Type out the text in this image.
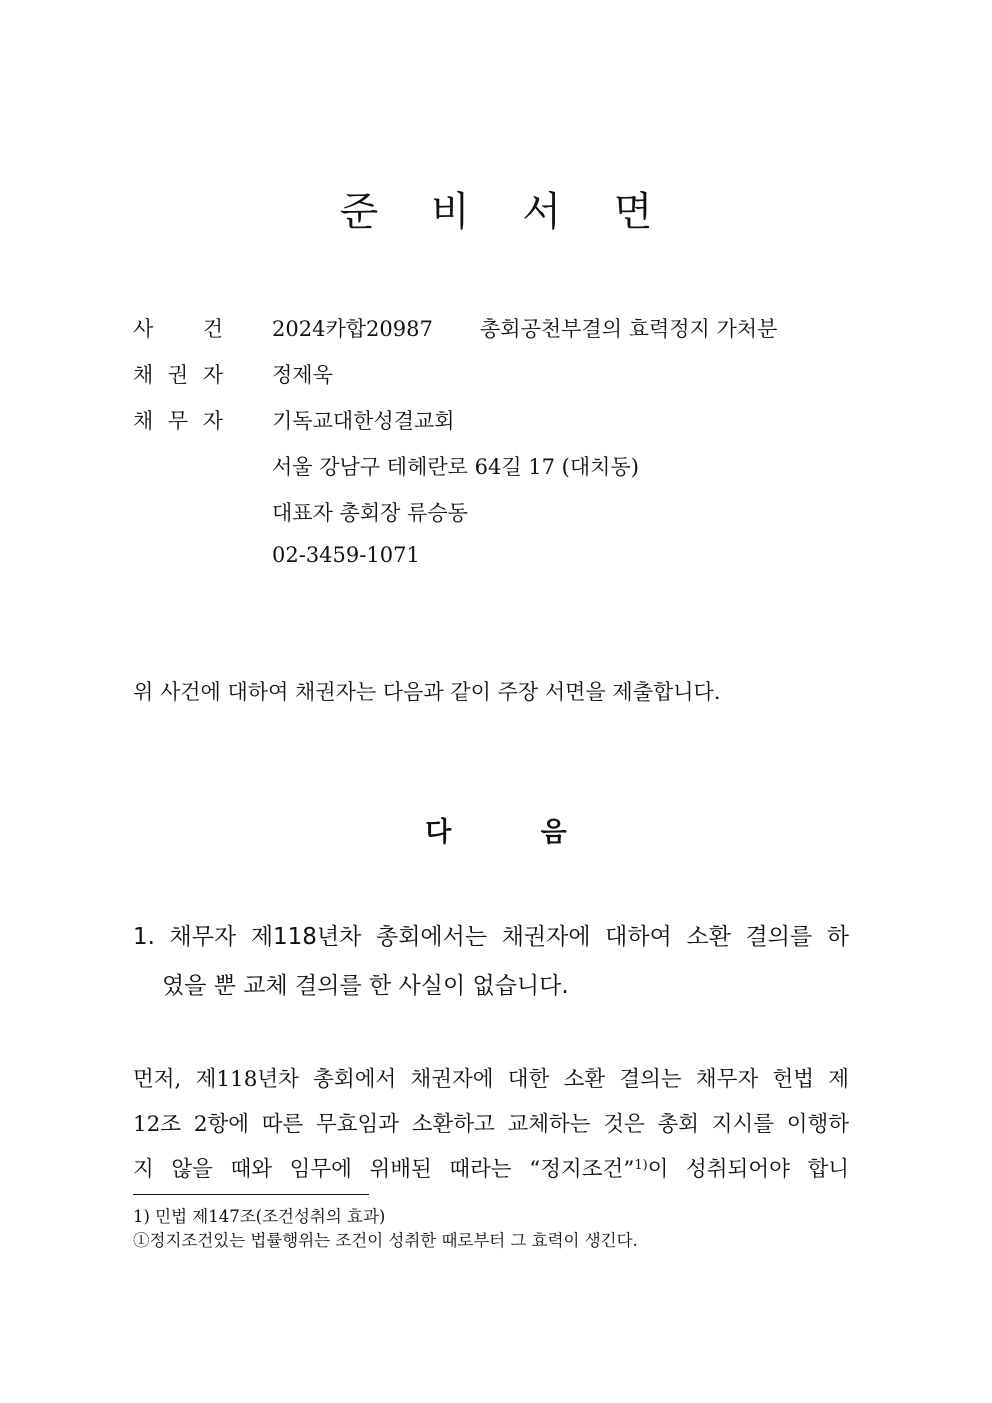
준 비 서 면
사 건 2024카합20987 총회공천부결의 효력정지 가처분
채 권 자 정제욱
채 무 자 기독교대한성결교회
서울 강남구 테헤란로 64길 17 (대치동)
대표자 총회장 류승동
02-3459-1071
위 사건에 대하여 채권자는 다음과 같이 주장 서면을 제출합니다.
다 음
1. 채무자 제118년차 총회에서는 채권자에 대하여 소환 결의를 하
였을 뿐 교체 결의를 한 사실이 없습니다.
먼저, 제118년차 총회에서 채권자에 대한 소환 결의는 채무자 헌법 제
12조 2항에 따른 무효임과 소환하고 교체하는 것은 총회 지시를 이행하
지 않을 때와 임무에 위배된 때라는 “정지조건”$^{1)}$이 성취되어야 합니
1) 민법 제147조(조건성취의 효과)
①정지조건있는 법률행위는 조건이 성취한 때로부터 그 효력이 생긴다.
